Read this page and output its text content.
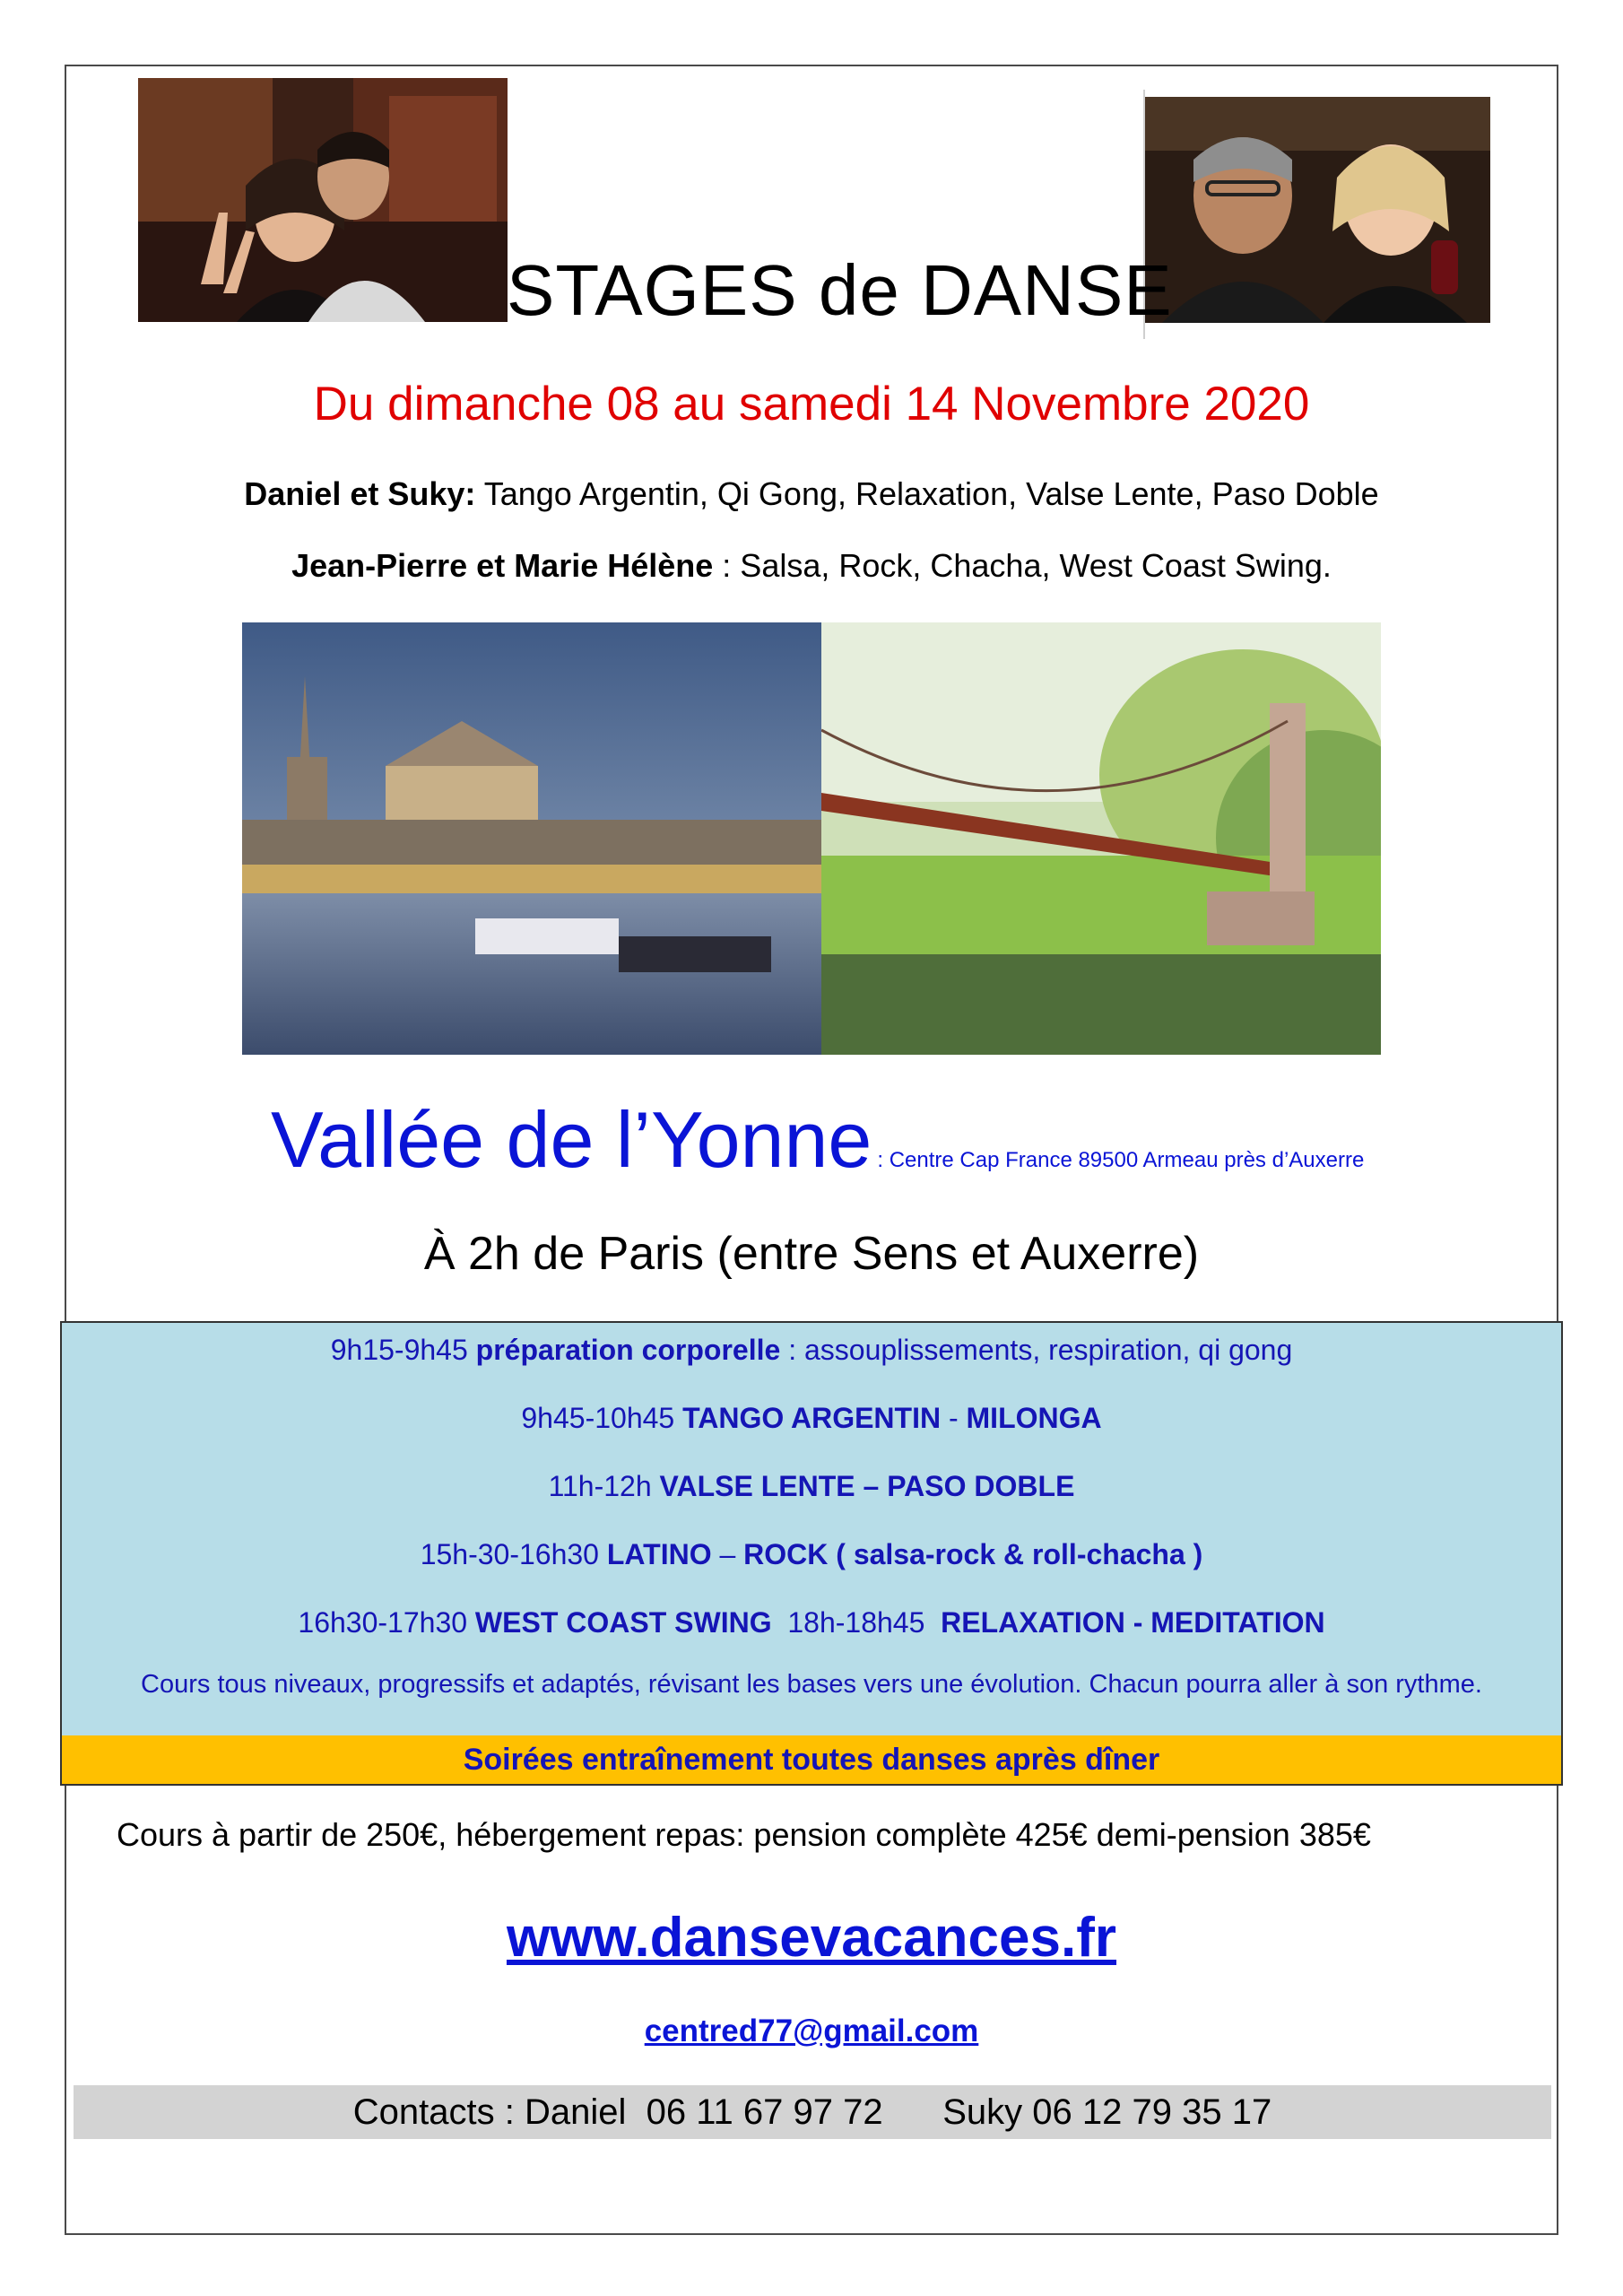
STAGES de DANSE
Du dimanche 08 au samedi 14 Novembre 2020
Daniel et Suky: Tango Argentin, Qi Gong, Relaxation, Valse Lente, Paso Doble
Jean-Pierre et Marie Hélène : Salsa, Rock, Chacha, West Coast Swing.
Vallée de l’Yonne : Centre Cap France 89500 Armeau près d’Auxerre
À 2h de Paris (entre Sens et Auxerre)
9h15-9h45 préparation corporelle : assouplissements, respiration, qi gong
9h45-10h45 TANGO ARGENTIN - MILONGA
11h-12h VALSE LENTE – PASO DOBLE
15h-30-16h30 LATINO – ROCK ( salsa-rock & roll-chacha )
16h30-17h30 WEST COAST SWING  18h-18h45  RELAXATION - MEDITATION
Cours tous niveaux, progressifs et adaptés, révisant les bases vers une évolution. Chacun pourra aller à son rythme.
Soirées entraînement toutes danses après dîner
Cours à partir de 250€, hébergement repas: pension complète 425€ demi-pension 385€
www.dansevacances.fr
centred77@gmail.com
Contacts : Daniel  06 11 67 97 72      Suky 06 12 79 35 17
